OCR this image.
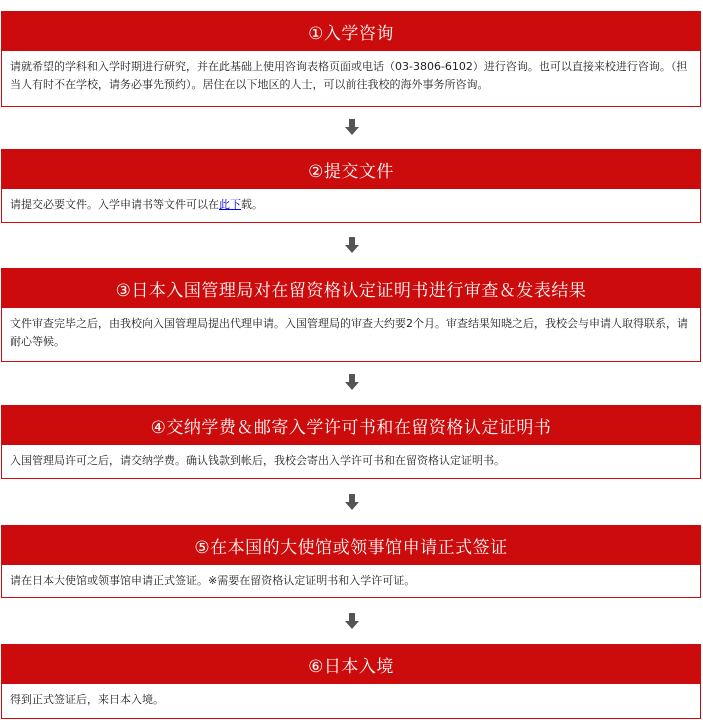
①入学咨询
请就希望的学科和入学时期进行研究，并在此基础上使用咨询表格页面或电话（03-3806-6102）进行咨询。也可以直接来校进行咨询。（担当人有时不在学校，请务必事先预约）。居住在以下地区的人士，可以前往我校的海外事务所咨询。
②提交文件
请提交必要文件。入学申请书等文件可以在此下载。
③日本入国管理局对在留资格认定证明书进行审查＆发表结果
文件审查完毕之后，由我校向入国管理局提出代理申请。入国管理局的审查大约要2个月。审查结果知晓之后，我校会与申请人取得联系，请耐心等候。
④交纳学费＆邮寄入学许可书和在留资格认定证明书
入国管理局许可之后，请交纳学费。确认钱款到帐后，我校会寄出入学许可书和在留资格认定证明书。
⑤在本国的大使馆或领事馆申请正式签证
请在日本大使馆或领事馆申请正式签证。※需要在留资格认定证明书和入学许可证。
⑥日本入境
得到正式签证后，来日本入境。
